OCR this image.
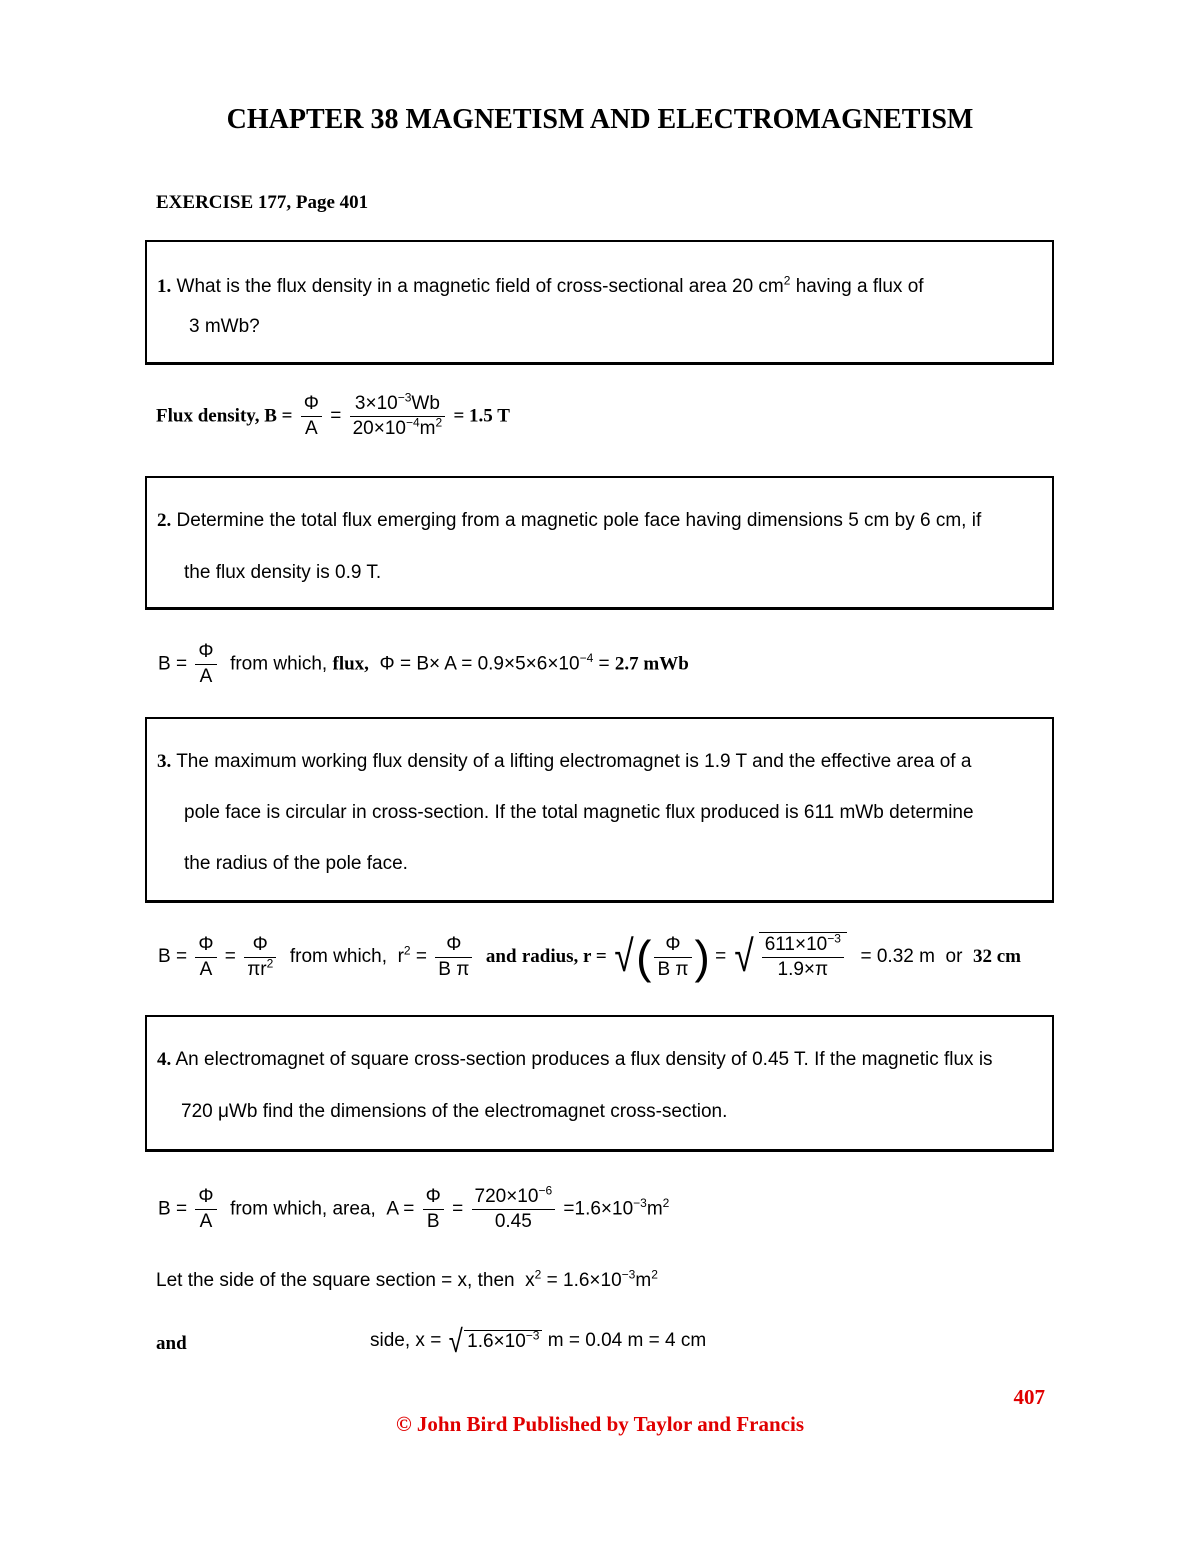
CHAPTER 38 MAGNETISM AND ELECTROMAGNETISM
EXERCISE 177, Page 401
1. What is the flux density in a magnetic field of cross-sectional area 20 $cm^2$ having a flux of
3 mWb?
Flux density, $B = \frac{\Phi}{A} = \frac{3\times 10^{-3}Wb}{20\times 10^{-4}m^2} = 1.5$ T
2. Determine the total flux emerging from a magnetic pole face having dimensions 5 cm by 6 cm, if
the flux density is 0.9 T.
$B = \frac{\Phi}{A}$ from which, flux, $\Phi = B\times A = 0.9\times 5\times 6\times 10^{-4} = 2.7$ mWb
3. The maximum working flux density of a lifting electromagnet is 1.9 T and the effective area of a
pole face is circular in cross-section. If the total magnetic flux produced is 611 mWb determine
the radius of the pole face.
$B = \frac{\Phi}{A} = \frac{\Phi}{\pi r^2}$ from which, $r^2 = \frac{\Phi}{\text{B π}}$ and radius, r = √( $\frac{\Phi}{\text{B π}}$ ) = √ $\frac{611\times 10^{-3}}{1.9\times\pi} = 0.32$ m or 32 cm
4. An electromagnet of square cross-section produces a flux density of 0.45 T. If the magnetic flux is
720 μWb find the dimensions of the electromagnet cross-section.
$B = \frac{\Phi}{A}$ from which, area, $A = \frac{\Phi}{B} = \frac{720\times 10^{-6}}{0.45} =1.6\times 10^{-3}m^2$
Let the side of the square section = x, then $x^2 = 1.6\times 10^{-3}m^2$
and	side, x = √ $1.6\times 10^{-3}$ m = 0.04 m = 4 cm
407
© John Bird Published by Taylor and Francis
